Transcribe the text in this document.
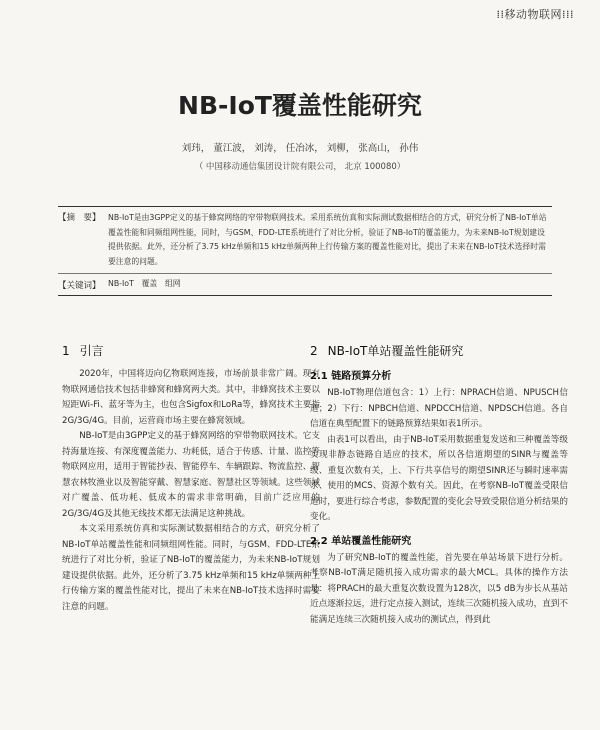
⁞⁞移动物联网⁞⁞⁞
NB-IoT覆盖性能研究
刘玮， 董江波， 刘涛， 任冶冰， 刘柳， 张高山， 孙伟
（ 中国移动通信集团设计院有限公司， 北京 100080）
【摘　要】 NB-IoT是由3GPP定义的基于蜂窝网络的窄带物联网技术。采用系统仿真和实际测试数据相结合的方式，研究分析了NB-IoT单站覆盖性能和同频组网性能，同时，与GSM、FDD-LTE系统进行了对比分析，验证了NB-IoT的覆盖能力，为未来NB-IoT规划建设提供依据。此外，还分析了3.75 kHz单频和15 kHz单频两种上行传输方案的覆盖性能对比，提出了未来在NB-IoT技术选择时需要注意的问题。
【关键词】 NB-IoT　覆盖　组网
1 引言

2020年，中国将迈向亿物联网连接，市场前景非常广阔。现有物联网通信技术包括非蜂窝和蜂窝两大类。其中，非蜂窝技术主要以短距Wi-Fi、蓝牙等为主，也包含Sigfox和LoRa等，蜂窝技术主要指2G/3G/4G。目前，运营商市场主要在蜂窝领域。

NB-IoT是由3GPP定义的基于蜂窝网络的窄带物联网技术。它支持海量连接、有深度覆盖能力、功耗低，适合于传感、计量、监控等物联网应用，适用于智能抄表、智能停车、车辆跟踪、物流监控、智慧农林牧渔业以及智能穿戴、智慧家庭、智慧社区等领域。这些领域对广覆盖、低功耗、低成本的需求非常明确，目前广泛应用的2G/3G/4G及其他无线技术都无法满足这种挑战。

本文采用系统仿真和实际测试数据相结合的方式，研究分析了NB-IoT单站覆盖性能和同频组网性能。同时，与GSM、FDD-LTE系统进行了对比分析，验证了NB-IoT的覆盖能力，为未来NB-IoT规划建设提供依据。此外，还分析了3.75 kHz单频和15 kHz单频两种上行传输方案的覆盖性能对比，提出了未来在NB-IoT技术选择时需要注意的问题。

2 NB-IoT单站覆盖性能研究
2.1 链路预算分析

NB-IoT物理信道包含：1）上行：NPRACH信道、NPUSCH信道；2）下行：NPBCH信道、NPDCCH信道、NPDSCH信道。各自信道在典型配置下的链路预算结果如表1所示。

由表1可以看出，由于NB-IoT采用数据重复发送和三种覆盖等级实现非静态链路自适应的技术，所以各信道期望的SINR与覆盖等级、重复次数有关，上、下行共享信号的期望SINR还与瞬时速率需求、使用的MCS、资源个数有关。因此，在考察NB-IoT覆盖受限信道时，要进行综合考虑，参数配置的变化会导致受限信道分析结果的变化。

2.2 单站覆盖性能研究

为了研究NB-IoT的覆盖性能，首先要在单站场景下进行分析。考察NB-IoT满足随机接入成功需求的最大MCL。具体的操作方法是：将PRACH的最大重复次数设置为128次，以5 dB为步长从基站近点逐渐拉远，进行定点接入测试，连续三次随机接入成功，直到不能满足连续三次随机接入成功的测试点，得到此
